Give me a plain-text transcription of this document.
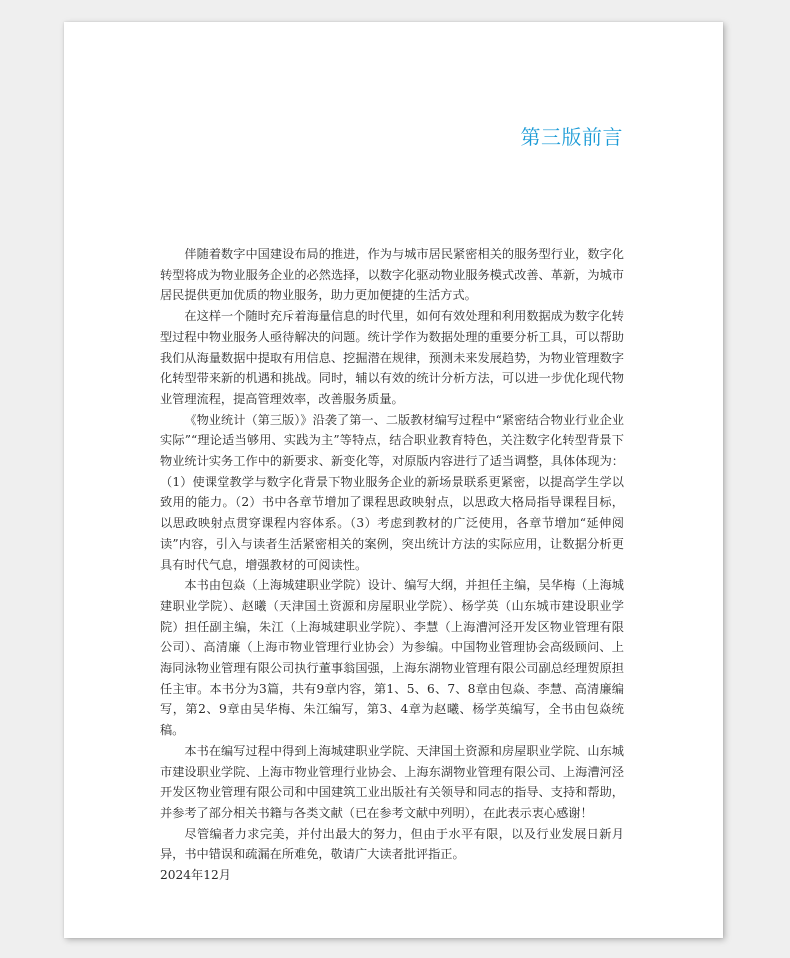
第三版前言

伴随着数字中国建设布局的推进，作为与城市居民紧密相关的服务型行业，数字化转型将成为物业服务企业的必然选择，以数字化驱动物业服务模式改善、革新，为城市居民提供更加优质的物业服务，助力更加便捷的生活方式。

在这样一个随时充斥着海量信息的时代里，如何有效处理和利用数据成为数字化转型过程中物业服务人亟待解决的问题。统计学作为数据处理的重要分析工具，可以帮助我们从海量数据中提取有用信息、挖掘潜在规律，预测未来发展趋势，为物业管理数字化转型带来新的机遇和挑战。同时，辅以有效的统计分析方法，可以进一步优化现代物业管理流程，提高管理效率，改善服务质量。

《物业统计（第三版）》沿袭了第一、二版教材编写过程中“紧密结合物业行业企业实际”“理论适当够用、实践为主”等特点，结合职业教育特色，关注数字化转型背景下物业统计实务工作中的新要求、新变化等，对原版内容进行了适当调整，具体体现为：（1）使课堂教学与数字化背景下物业服务企业的新场景联系更紧密，以提高学生学以致用的能力。（2）书中各章节增加了课程思政映射点，以思政大格局指导课程目标，以思政映射点贯穿课程内容体系。（3）考虑到教材的广泛使用，各章节增加“延伸阅读”内容，引入与读者生活紧密相关的案例，突出统计方法的实际应用，让数据分析更具有时代气息，增强教材的可阅读性。

本书由包焱（上海城建职业学院）设计、编写大纲，并担任主编，吴华梅（上海城建职业学院）、赵曦（天津国土资源和房屋职业学院）、杨学英（山东城市建设职业学院）担任副主编，朱江（上海城建职业学院）、李慧（上海漕河泾开发区物业管理有限公司）、高清廉（上海市物业管理行业协会）为参编。中国物业管理协会高级顾问、上海同泳物业管理有限公司执行董事翁国强，上海东湖物业管理有限公司副总经理贺原担任主审。本书分为3篇，共有9章内容，第1、5、6、7、8章由包焱、李慧、高清廉编写，第2、9章由吴华梅、朱江编写，第3、4章为赵曦、杨学英编写，全书由包焱统稿。

本书在编写过程中得到上海城建职业学院、天津国土资源和房屋职业学院、山东城市建设职业学院、上海市物业管理行业协会、上海东湖物业管理有限公司、上海漕河泾开发区物业管理有限公司和中国建筑工业出版社有关领导和同志的指导、支持和帮助，并参考了部分相关书籍与各类文献（已在参考文献中列明），在此表示衷心感谢！

尽管编者力求完美，并付出最大的努力，但由于水平有限，以及行业发展日新月异，书中错误和疏漏在所难免，敬请广大读者批评指正。

2024年12月
